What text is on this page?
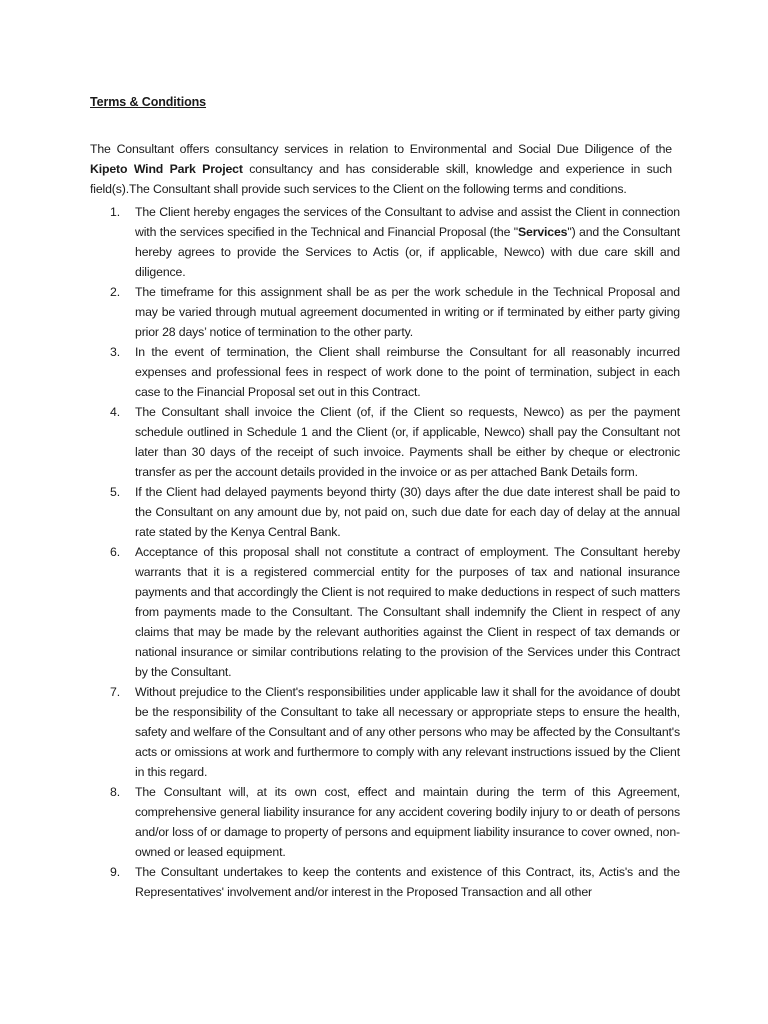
Terms & Conditions

The Consultant offers consultancy services in relation to Environmental and Social Due Diligence of the Kipeto Wind Park Project consultancy and has considerable skill, knowledge and experience in such field(s).The Consultant shall provide such services to the Client on the following terms and conditions.

1.	The Client hereby engages the services of the Consultant to advise and assist the Client in connection with the services specified in the Technical and Financial Proposal (the "Services") and the Consultant hereby agrees to provide the Services to Actis (or, if applicable, Newco) with due care skill and diligence.
2.	The timeframe for this assignment shall be as per the work schedule in the Technical Proposal and may be varied through mutual agreement documented in writing or if terminated by either party giving prior 28 days’ notice of termination to the other party.
3.	In the event of termination, the Client shall reimburse the Consultant for all reasonably incurred expenses and professional fees in respect of work done to the point of termination, subject in each case to the Financial Proposal set out in this Contract.
4.	The Consultant shall invoice the Client (of, if the Client so requests, Newco) as per the payment schedule outlined in Schedule 1 and the Client (or, if applicable, Newco) shall pay the Consultant not later than 30 days of the receipt of such invoice. Payments shall be either by cheque or electronic transfer as per the account details provided in the invoice or as per attached Bank Details form.
5.	If the Client had delayed payments beyond thirty (30) days after the due date interest shall be paid to the Consultant on any amount due by, not paid on, such due date for each day of delay at the annual rate stated by the Kenya Central Bank.
6.	Acceptance of this proposal shall not constitute a contract of employment. The Consultant hereby warrants that it is a registered commercial entity for the purposes of tax and national insurance payments and that accordingly the Client is not required to make deductions in respect of such matters from payments made to the Consultant. The Consultant shall indemnify the Client in respect of any claims that may be made by the relevant authorities against the Client in respect of tax demands or national insurance or similar contributions relating to the provision of the Services under this Contract by the Consultant.
7.	Without prejudice to the Client's responsibilities under applicable law it shall for the avoidance of doubt be the responsibility of the Consultant to take all necessary or appropriate steps to ensure the health, safety and welfare of the Consultant and of any other persons who may be affected by the Consultant's acts or omissions at work and furthermore to comply with any relevant instructions issued by the Client in this regard.
8.	The Consultant will, at its own cost, effect and maintain during the term of this Agreement, comprehensive general liability insurance for any accident covering bodily injury to or death of persons and/or loss of or damage to property of persons and equipment liability insurance to cover owned, non-owned or leased equipment.
9.	The Consultant undertakes to keep the contents and existence of this Contract, its, Actis's and the Representatives' involvement and/or interest in the Proposed Transaction and all other
